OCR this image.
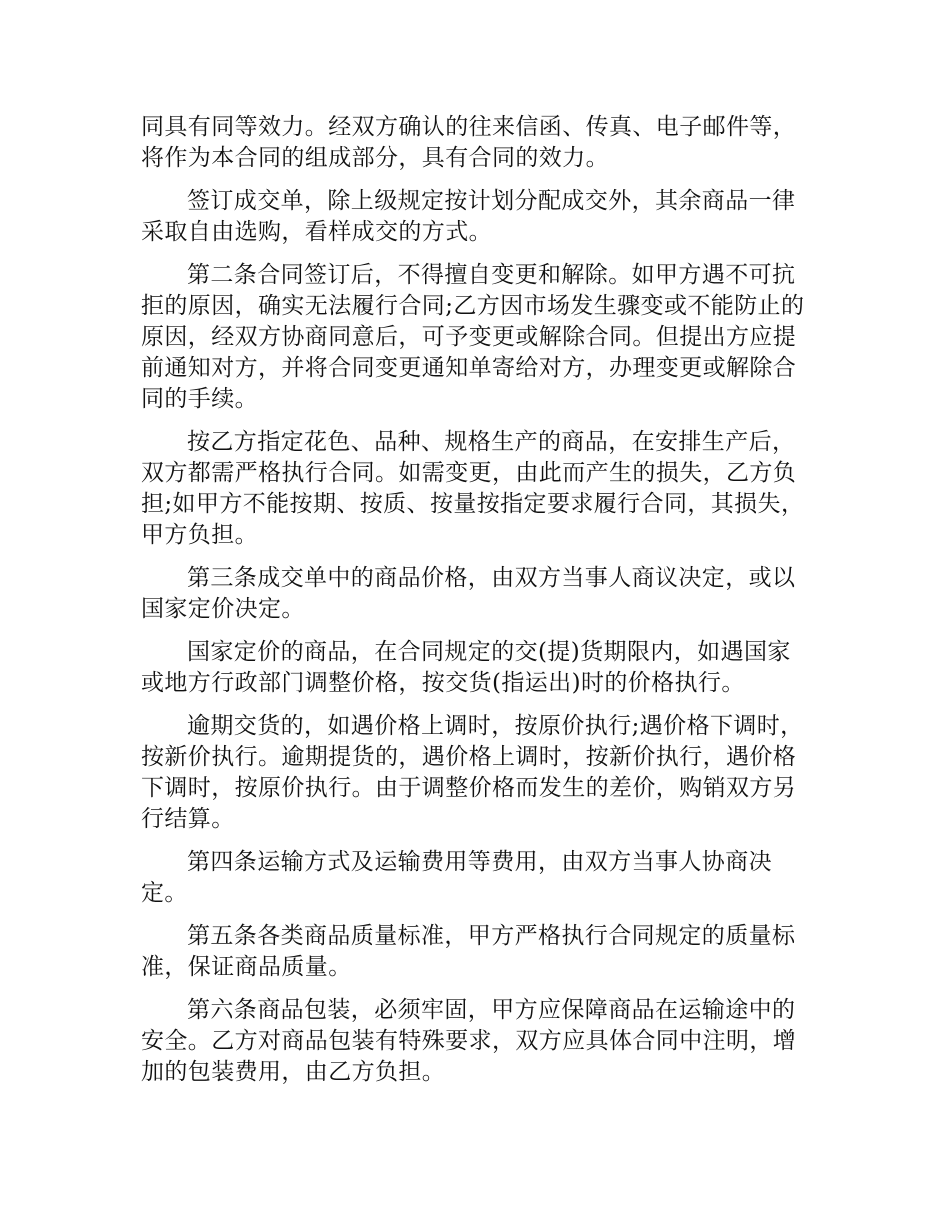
同具有同等效力。经双方确认的往来信函、传真、电子邮件等，将作为本合同的组成部分，具有合同的效力。

签订成交单，除上级规定按计划分配成交外，其余商品一律采取自由选购，看样成交的方式。

第二条合同签订后，不得擅自变更和解除。如甲方遇不可抗拒的原因，确实无法履行合同;乙方因市场发生骤变或不能防止的原因，经双方协商同意后，可予变更或解除合同。但提出方应提前通知对方，并将合同变更通知单寄给对方，办理变更或解除合同的手续。

按乙方指定花色、品种、规格生产的商品，在安排生产后，双方都需严格执行合同。如需变更，由此而产生的损失，乙方负担;如甲方不能按期、按质、按量按指定要求履行合同，其损失，甲方负担。

第三条成交单中的商品价格，由双方当事人商议决定，或以国家定价决定。

国家定价的商品，在合同规定的交(提)货期限内，如遇国家或地方行政部门调整价格，按交货(指运出)时的价格执行。

逾期交货的，如遇价格上调时，按原价执行;遇价格下调时，按新价执行。逾期提货的，遇价格上调时，按新价执行，遇价格下调时，按原价执行。由于调整价格而发生的差价，购销双方另行结算。

第四条运输方式及运输费用等费用，由双方当事人协商决定。

第五条各类商品质量标准，甲方严格执行合同规定的质量标准，保证商品质量。

第六条商品包装，必须牢固，甲方应保障商品在运输途中的安全。乙方对商品包装有特殊要求，双方应具体合同中注明，增加的包装费用，由乙方负担。
